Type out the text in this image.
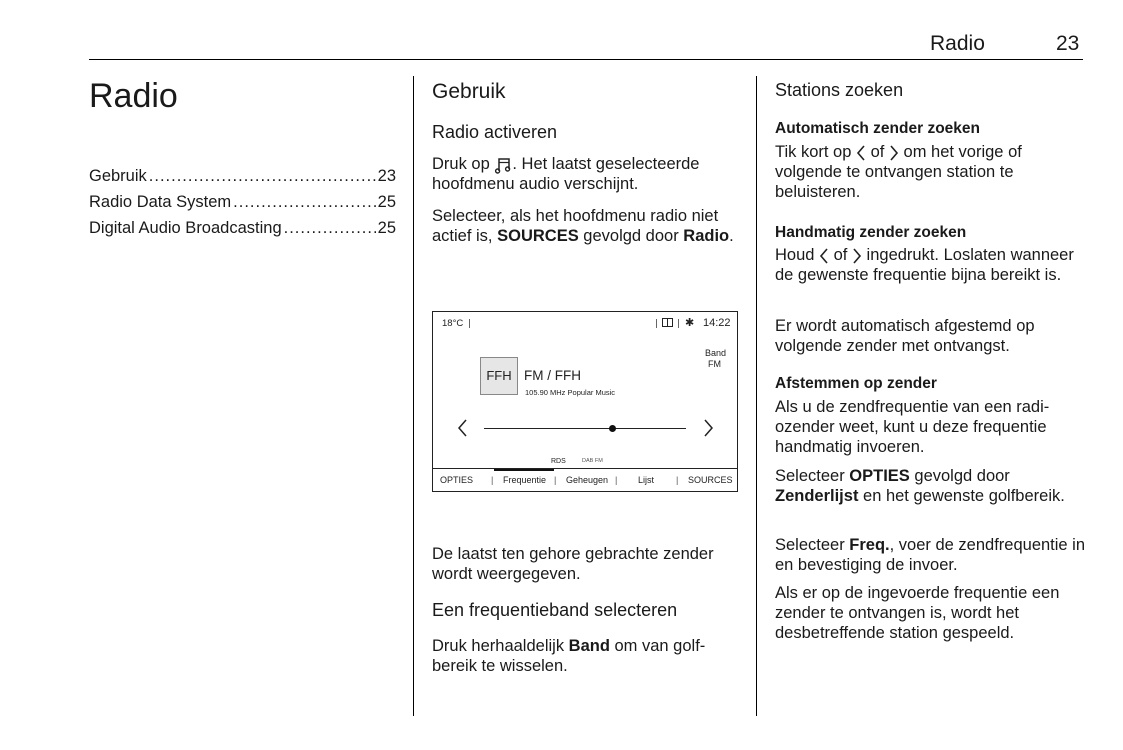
Radio	23
Radio
Gebruik .....	23
Radio Data System .....	25
Digital Audio Broadcasting .....	25
Gebruik
Radio activeren

Druk op . Het laatst geselecteerde hoofdmenu audio verschijnt.

Selecteer, als het hoofdmenu radio niet actief is, SOURCES gevolgd door Radio.

18°C	✱ 14:22
Band
FM
FFH FM / FFH
105.90 MHz Popular Music
RDS	DAB FM
OPTIES | Frequentie | Geheugen | Lijst | SOURCES

De laatst ten gehore gebrachte zender wordt weergegeven.

Een frequentieband selecteren

Druk herhaaldelijk Band om van golfbereik te wisselen.

Stations zoeken
Automatisch zender zoeken

Tik kort op  of  om het vorige of volgende te ontvangen station te beluisteren.

Handmatig zender zoeken

Houd  of  ingedrukt. Loslaten wanneer de gewenste frequentie bijna bereikt is.

Er wordt automatisch afgestemd op volgende zender met ontvangst.

Afstemmen op zender

Als u de zendfrequentie van een radiozender weet, kunt u deze frequentie handmatig invoeren.

Selecteer OPTIES gevolgd door Zenderlijst en het gewenste golfbereik.

Selecteer Freq., voer de zendfrequentie in en bevestiging de invoer.

Als er op de ingevoerde frequentie een zender te ontvangen is, wordt het desbetreffende station gespeeld.
